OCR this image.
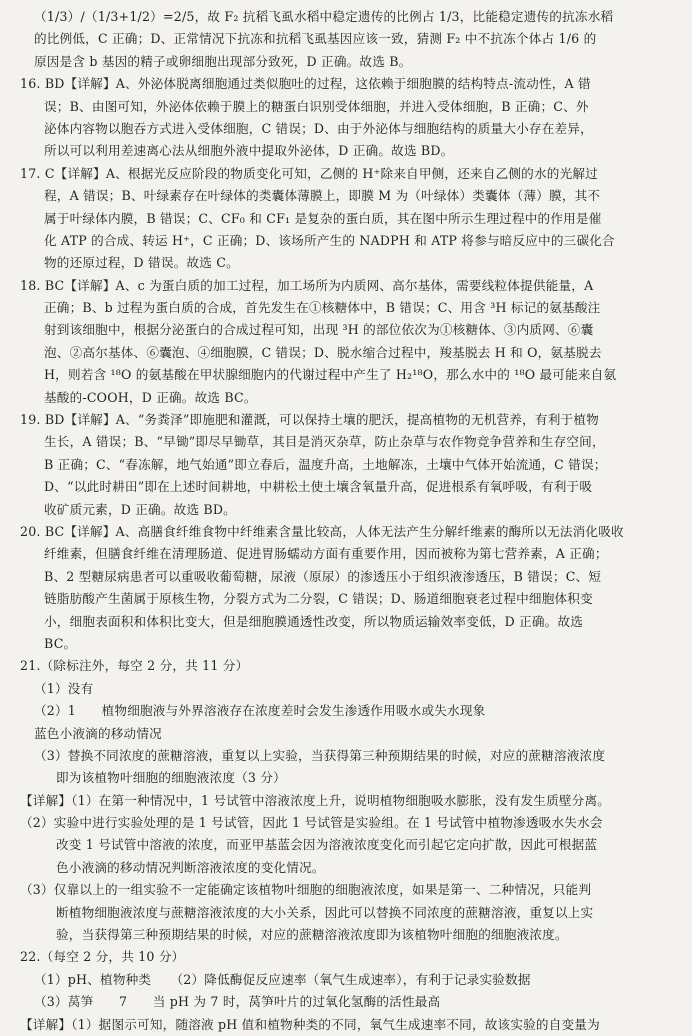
（1/3）/（1/3+1/2）=2/5，故 F₂ 抗稻飞虱水稻中稳定遗传的比例占 1/3，比能稳定遗传的抗冻水稻
的比例低，C 正确；D、正常情况下抗冻和抗稻飞虱基因应该一致，猜测 F₂ 中不抗冻个体占 1/6 的
原因是含 b 基因的精子或卵细胞出现部分致死，D 正确。故选 B。
16. BD【详解】A、外泌体脱离细胞通过类似胞吐的过程，这依赖于细胞膜的结构特点-流动性，A 错
误；B、由图可知，外泌体依赖于膜上的糖蛋白识别受体细胞，并进入受体细胞，B 正确；C、外
泌体内容物以胞吞方式进入受体细胞，C 错误；D、由于外泌体与细胞结构的质量大小存在差异，
所以可以利用差速离心法从细胞外液中提取外泌体，D 正确。故选 BD。
17. C【详解】A、根据光反应阶段的物质变化可知，乙侧的 H⁺除来自甲侧，还来自乙侧的水的光解过
程，A 错误；B、叶绿素存在叶绿体的类囊体薄膜上，即膜 M 为（叶绿体）类囊体（薄）膜，其不
属于叶绿体内膜，B 错误；C、CF₀ 和 CF₁ 是复杂的蛋白质，其在图中所示生理过程中的作用是催
化 ATP 的合成、转运 H⁺，C 正确；D、该场所产生的 NADPH 和 ATP 将参与暗反应中的三碳化合
物的还原过程，D 错误。故选 C。
18. BC【详解】A、c 为蛋白质的加工过程，加工场所为内质网、高尔基体，需要线粒体提供能量，A
正确；B、b 过程为蛋白质的合成，首先发生在①核糖体中，B 错误；C、用含 ³H 标记的氨基酸注
射到该细胞中，根据分泌蛋白的合成过程可知，出现 ³H 的部位依次为①核糖体、③内质网、⑥囊
泡、②高尔基体、⑥囊泡、④细胞膜，C 错误；D、脱水缩合过程中，羧基脱去 H 和 O，氨基脱去
H，则若含 ¹⁸O 的氨基酸在甲状腺细胞内的代谢过程中产生了 H₂¹⁸O，那么水中的 ¹⁸O 最可能来自氨
基酸的-COOH，D 正确。故选 BC。
19. BD【详解】A、“务粪泽”即施肥和灌溉，可以保持土壤的肥沃，提高植物的无机营养，有利于植物
生长，A 错误；B、“早锄”即尽早锄草，其目是消灭杂草，防止杂草与农作物竞争营养和生存空间，
B 正确；C、“春冻解，地气始通”即立春后，温度升高，土地解冻，土壤中气体开始流通，C 错误；
D、“以此时耕田”即在上述时间耕地，中耕松土使土壤含氧量升高，促进根系有氧呼吸，有利于吸
收矿质元素，D 正确。故选 BD。
20. BC【详解】A、高膳食纤维食物中纤维素含量比较高，人体无法产生分解纤维素的酶所以无法消化吸收
纤维素，但膳食纤维在清理肠道、促进胃肠蠕动方面有重要作用，因而被称为第七营养素，A 正确；
B、2 型糖尿病患者可以重吸收葡萄糖，尿液（原尿）的渗透压小于组织液渗透压，B 错误；C、短
链脂肪酸产生菌属于原核生物，分裂方式为二分裂，C 错误；D、肠道细胞衰老过程中细胞体积变
小，细胞表面积和体积比变大，但是细胞膜通透性改变，所以物质运输效率变低，D 正确。故选
BC。
21.（除标注外，每空 2 分，共 11 分）
（1）没有
（2）1　　植物细胞液与外界溶液存在浓度差时会发生渗透作用吸水或失水现象
蓝色小液滴的移动情况
（3）替换不同浓度的蔗糖溶液，重复以上实验，当获得第三种预期结果的时候，对应的蔗糖溶液浓度
即为该植物叶细胞的细胞液浓度（3 分）
【详解】（1）在第一种情况中，1 号试管中溶液浓度上升，说明植物细胞吸水膨胀，没有发生质壁分离。
（2）实验中进行实验处理的是 1 号试管，因此 1 号试管是实验组。在 1 号试管中植物渗透吸水失水会
改变 1 号试管中溶液的浓度，而亚甲基蓝会因为溶液浓度变化而引起它定向扩散，因此可根据蓝
色小液滴的移动情况判断溶液浓度的变化情况。
（3）仅靠以上的一组实验不一定能确定该植物叶细胞的细胞液浓度，如果是第一、二种情况，只能判
断植物细胞液浓度与蔗糖溶液浓度的大小关系，因此可以替换不同浓度的蔗糖溶液，重复以上实
验，当获得第三种预期结果的时候，对应的蔗糖溶液浓度即为该植物叶细胞的细胞液浓度。
22.（每空 2 分，共 10 分）
（1）pH、植物种类　　（2）降低酶促反应速率（氧气生成速率），有利于记录实验数据
（3）莴笋　　7　　当 pH 为 7 时，莴笋叶片的过氧化氢酶的活性最高
【详解】（1）据图示可知，随溶液 pH 值和植物种类的不同，氧气生成速率不同，故该实验的自变量为
